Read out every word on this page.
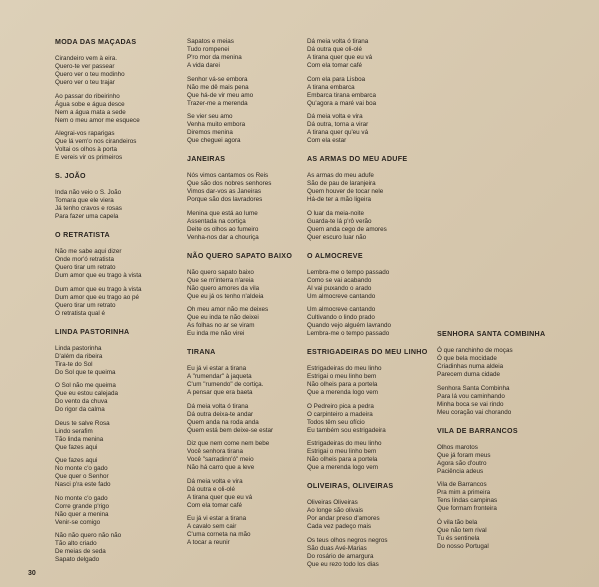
MODA DAS MAÇADAS
Cirandeiro vem à eira.
Quero-te ver passear
Quero ver o teu modinho
Quero ver o teu trajar
Ao passar do ribeirinho
Água sobe e água desce
Nem a água mata a sede
Nem o meu amor me esquece
Alegrai-vos raparigas
Que lá vem'o nos cirandeiros
Voltai os olhos à porta
E vereis vir os primeiros
S. JOÃO
Inda não veio o S. João
Tomara que ele viera
Já tenho cravos e rosas
Para fazer uma capela
O RETRATISTA
Não me sabe aqui dizer
Onde mor'ó retratista
Quero tirar um retrato
Dum amor que eu trago à vista
Dum amor que eu trago à vista
Dum amor que eu trago ao pé
Quero tirar um retrato
O retratista qual é
LINDA PASTORINHA
Linda pastorinha
D'além da ribeira
Tira-te do Sol
Do Sol que te queima
O Sol não me queima
Que eu estou calejada
Do vento da chuva
Do rigor da calma
Deus te salve Rosa
Lindo serafim
Tão linda menina
Que fazes aqui
Que fazes aqui
No monte c'o gado
Que quer o Senhor
Nasci p'ra este fado
No monte c'o gado
Corre grande p'rigo
Não quer a menina
Venir-se comigo
Não não quero não não
Tão alto criado
De meias de seda
Sapato delgado
Sapatos e meias
Tudo rompenei
P'ro mor da menina
A vida darei
Senhor vá-se embora
Não me dê mais pena
Que há-de vir meu amo
Trazer-me a merenda
Se vier seu amo
Venha muito embora
Diremos menina
Que cheguei agora
JANEIRAS
Nós vimos cantamos os Reis
Que são dos nobres senhores
Vimos dar-vos as Janeiras
Porque são dos lavradores
Menina que está ao lume
Assentada na cortiça
Deite os olhos ao fumeiro
Venha-nos dar a chouriça
NÃO QUERO SAPATO BAIXO
Não quero sapato baixo
Que se m'interra n'areia
Não quero amores da vila
Que eu já os tenho n'aldeia
Oh meu amor não me deixes
Que eu inda te não deixei
As folhas no ar se viram
Eu inda me não virei
TIRANA
Eu já vi estar a tirana
A "rumendar" à jaqueta
C'um "rumendo" de cortiça.
A pensar que era baeta
Dá meia volta ó tirana
Dá outra deixa-te andar
Quem anda na roda anda
Quem está bem deixe-se estar
Diz que nem come nem bebe
Você senhora tirana
Você "sarradinn'ó" meio
Não há carro que a leve
Dá meia volta e vira
Dá outra e oli-olé
A tirana quer que eu vá
Com ela tomar café
Eu já vi estar a tirana
A cavalo sem cair
C'uma corneta na mão
A tocar a reunir
Dá meia volta ó tirana
Dá outra que oli-olé
A tirana quer que eu vá
Com ela tomar café
Com ela para Lisboa
A tirana embarca
Embarca tirana embarca
Qu'agora a maré vai boa
Dá meia volta e vira
Dá outra, torna a virar
A tirana quer qu'eu vá
Com ela estar
AS ARMAS DO MEU ADUFE
As armas do meu adufe
São de pau de laranjeira
Quem houver de tocar nele
Há-de ter a mão ligeira
O luar da meia-noite
Guarda-te lá p'rô verão
Quem anda cego de amores
Quer escuro luar não
O ALMOCREVE
Lembra-me o tempo passado
Como se vai acabando
Al vai puxando o arado
Um almocreve cantando
Um almocreve cantando
Cultivando o lindo prado
Quando vejo alguém lavrando
Lembra-me o tempo passado
ESTRIGADEIRAS DO MEU LINHO
Estrigadeiras do meu linho
Estrigai o meu linho bem
Não olheis para a portela
Que a merenda logo vem
O Pedreiro pica a pedra
O carpinteiro a madeira
Todos têm seu ofício
Eu também sou estrigadeira
Estrigadeiras do meu linho
Estrigai o meu linho bem
Não olheis para a portela
Que a merenda logo vem
OLIVEIRAS, OLIVEIRAS
Oliveiras Oliveiras
Ao longe são olivais
Por andar preso d'amores
Cada vez padeço mais
Os teus olhos negros negros
São duas Avé-Marias
Do rosário de amargura
Que eu rezo todo los dias
SENHORA SANTA COMBINHA
Ó que ranchinho de moças
Ó que bela mocidade
Criadinhas numa aldeia
Parecem duma cidade
Senhora Santa Combinha
Para lá vou caminhando
Minha boca se vai rindo
Meu coração vai chorando
VILA DE BARRANCOS
Olhos marotos
Que já foram meus
Agora são d'outro
Paciência adeus
Vila de Barrancos
Pra mim a primeira
Tens lindas campinas
Que formam fronteira
Ó vila tão bela
Que não tem rival
Tu és sentinela
Do nosso Portugal
30
